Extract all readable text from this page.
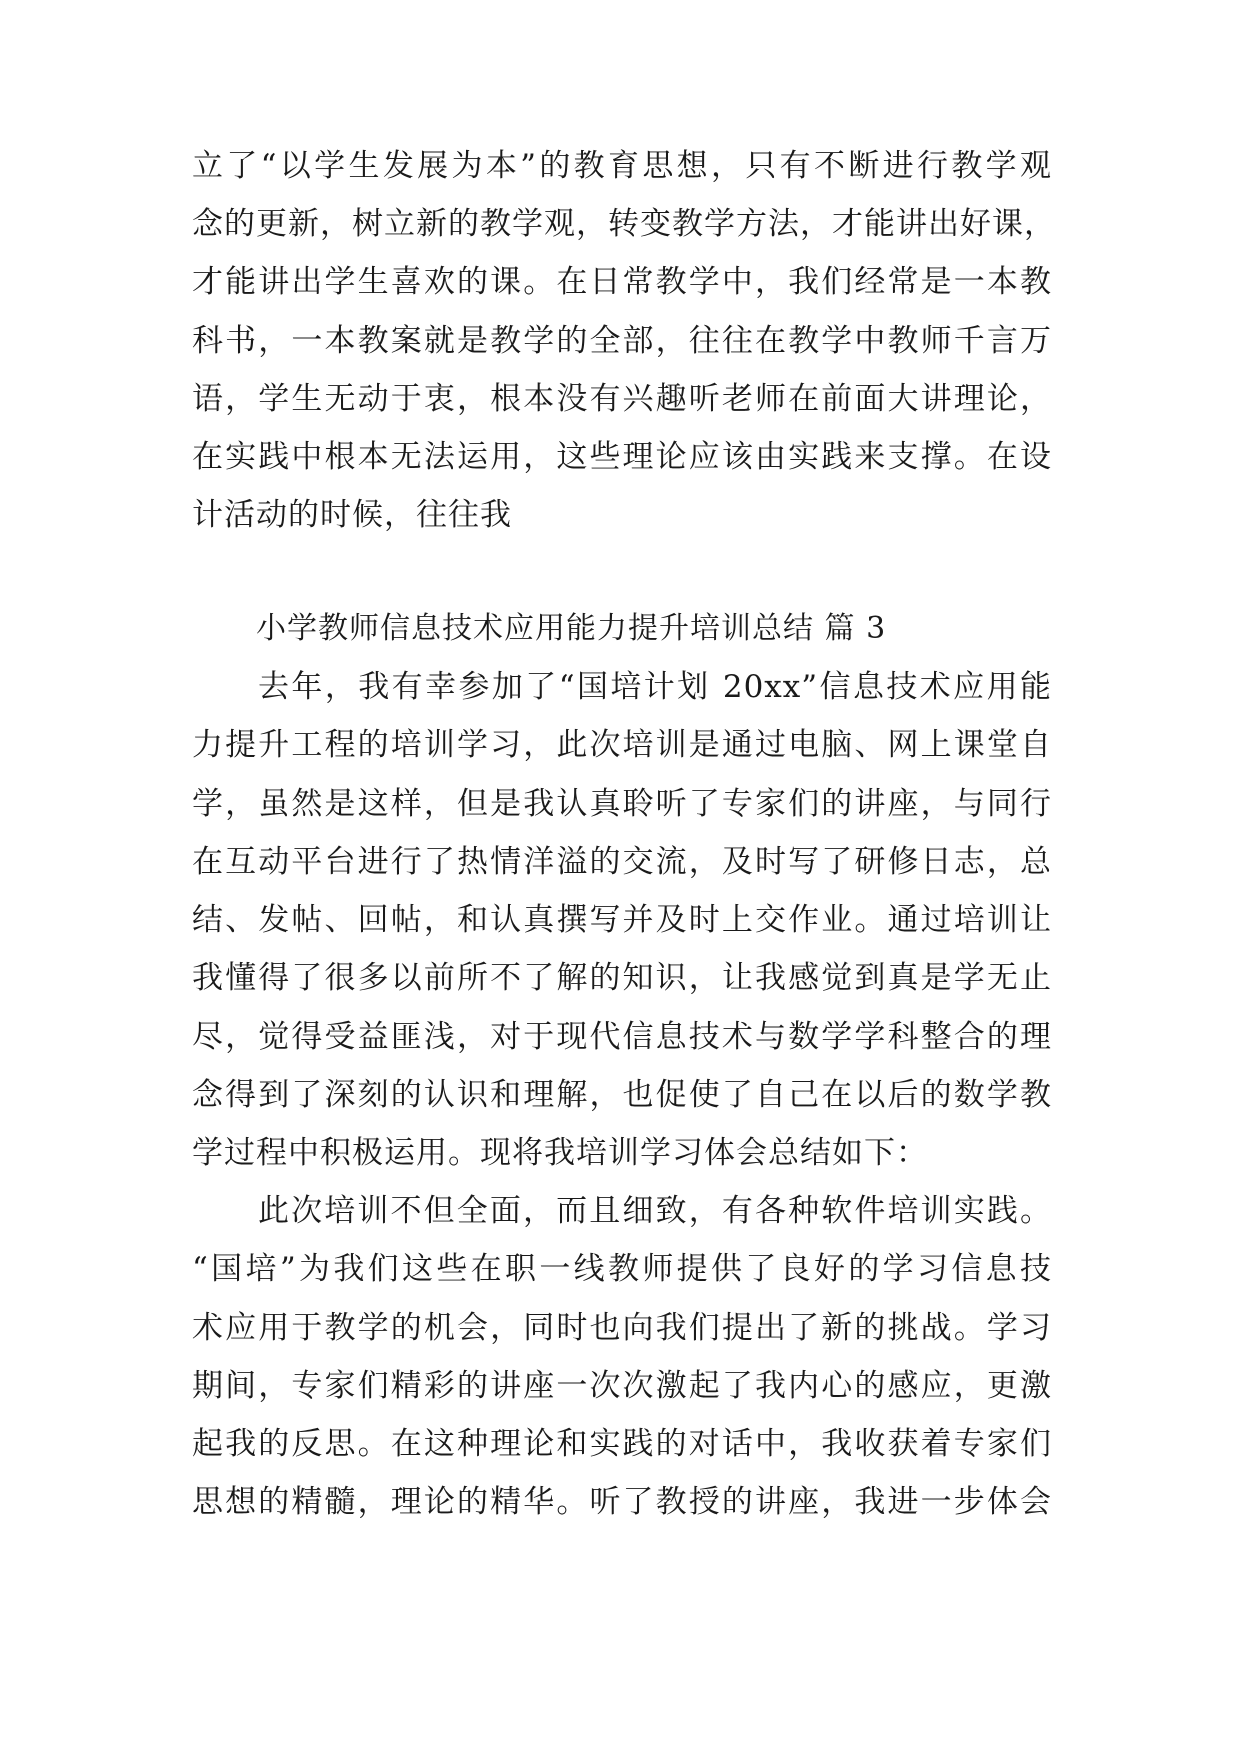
立了“以学生发展为本”的教育思想，只有不断进行教学观
念的更新，树立新的教学观，转变教学方法，才能讲出好课，
才能讲出学生喜欢的课。在日常教学中，我们经常是一本教
科书，一本教案就是教学的全部，往往在教学中教师千言万
语，学生无动于衷，根本没有兴趣听老师在前面大讲理论，
在实践中根本无法运用，这些理论应该由实践来支撑。在设
计活动的时候，往往我
小学教师信息技术应用能力提升培训总结 篇 3
去年，我有幸参加了“国培计划 20xx”信息技术应用能
力提升工程的培训学习，此次培训是通过电脑、网上课堂自
学，虽然是这样，但是我认真聆听了专家们的讲座，与同行
在互动平台进行了热情洋溢的交流，及时写了研修日志，总
结、发帖、回帖，和认真撰写并及时上交作业。通过培训让
我懂得了很多以前所不了解的知识，让我感觉到真是学无止
尽，觉得受益匪浅，对于现代信息技术与数学学科整合的理
念得到了深刻的认识和理解，也促使了自己在以后的数学教
学过程中积极运用。现将我培训学习体会总结如下：
此次培训不但全面，而且细致，有各种软件培训实践。
“国培”为我们这些在职一线教师提供了良好的学习信息技
术应用于教学的机会，同时也向我们提出了新的挑战。学习
期间，专家们精彩的讲座一次次激起了我内心的感应，更激
起我的反思。在这种理论和实践的对话中，我收获着专家们
思想的精髓，理论的精华。听了教授的讲座，我进一步体会
